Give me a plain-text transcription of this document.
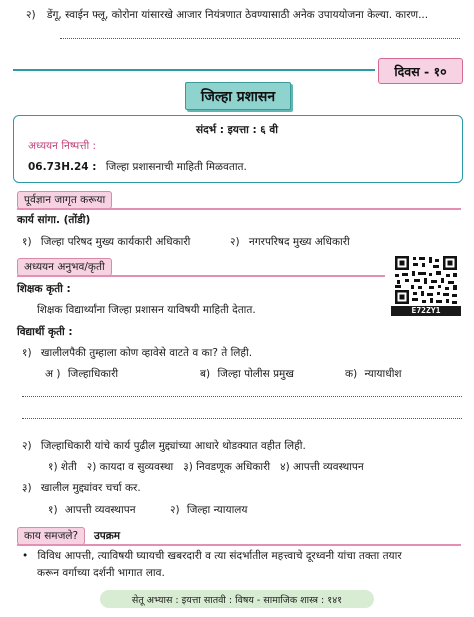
२) डेंगू, स्वाईन फ्लू, कोरोना यांसारखे आजार नियंत्रणात ठेवण्यासाठी अनेक उपाययोजना केल्या. कारण...
दिवस - १०
जिल्हा प्रशासन
संदर्भ : इयत्ता : ६ वी
अध्ययन निष्पत्ती :
06.73H.24 : जिल्हा प्रशासनाची माहिती मिळवतात.
पूर्वज्ञान जागृत करूया
कार्य सांगा. (तोंडी)
१) जिल्हा परिषद मुख्य कार्यकारी अधिकारी	२) नगरपरिषद मुख्य अधिकारी
अध्ययन अनुभव/कृती
शिक्षक कृती :
शिक्षक विद्यार्थ्यांना जिल्हा प्रशासन याविषयी माहिती देतात.	E72ZY1
विद्यार्थी कृती :
१) खालीलपैकी तुम्हाला कोण व्हावेसे वाटते व का? ते लिही.
अ ) जिल्हाधिकारी	ब) जिल्हा पोलीस प्रमुख	क) न्यायाधीश
२) जिल्हाधिकारी यांचे कार्य पुढील मुद्द्यांच्या आधारे थोडक्यात वहीत लिही.
१) शेती   २) कायदा व सुव्यवस्था   ३) निवडणूक अधिकारी   ४) आपत्ती व्यवस्थापन
३) खालील मुद्द्यांवर चर्चा कर.
१) आपत्ती व्यवस्थापन	२) जिल्हा न्यायालय
काय समजले?	उपक्रम
• विविध आपत्ती, त्याविषयी घ्यायची खबरदारी व त्या संदर्भातील महत्त्वाचे दूरध्वनी यांचा तक्ता तयार
करून वर्गाच्या दर्शनी भागात लाव.
सेतू अभ्यास : इयत्ता सातवी : विषय - सामाजिक शास्त्र : १४१
